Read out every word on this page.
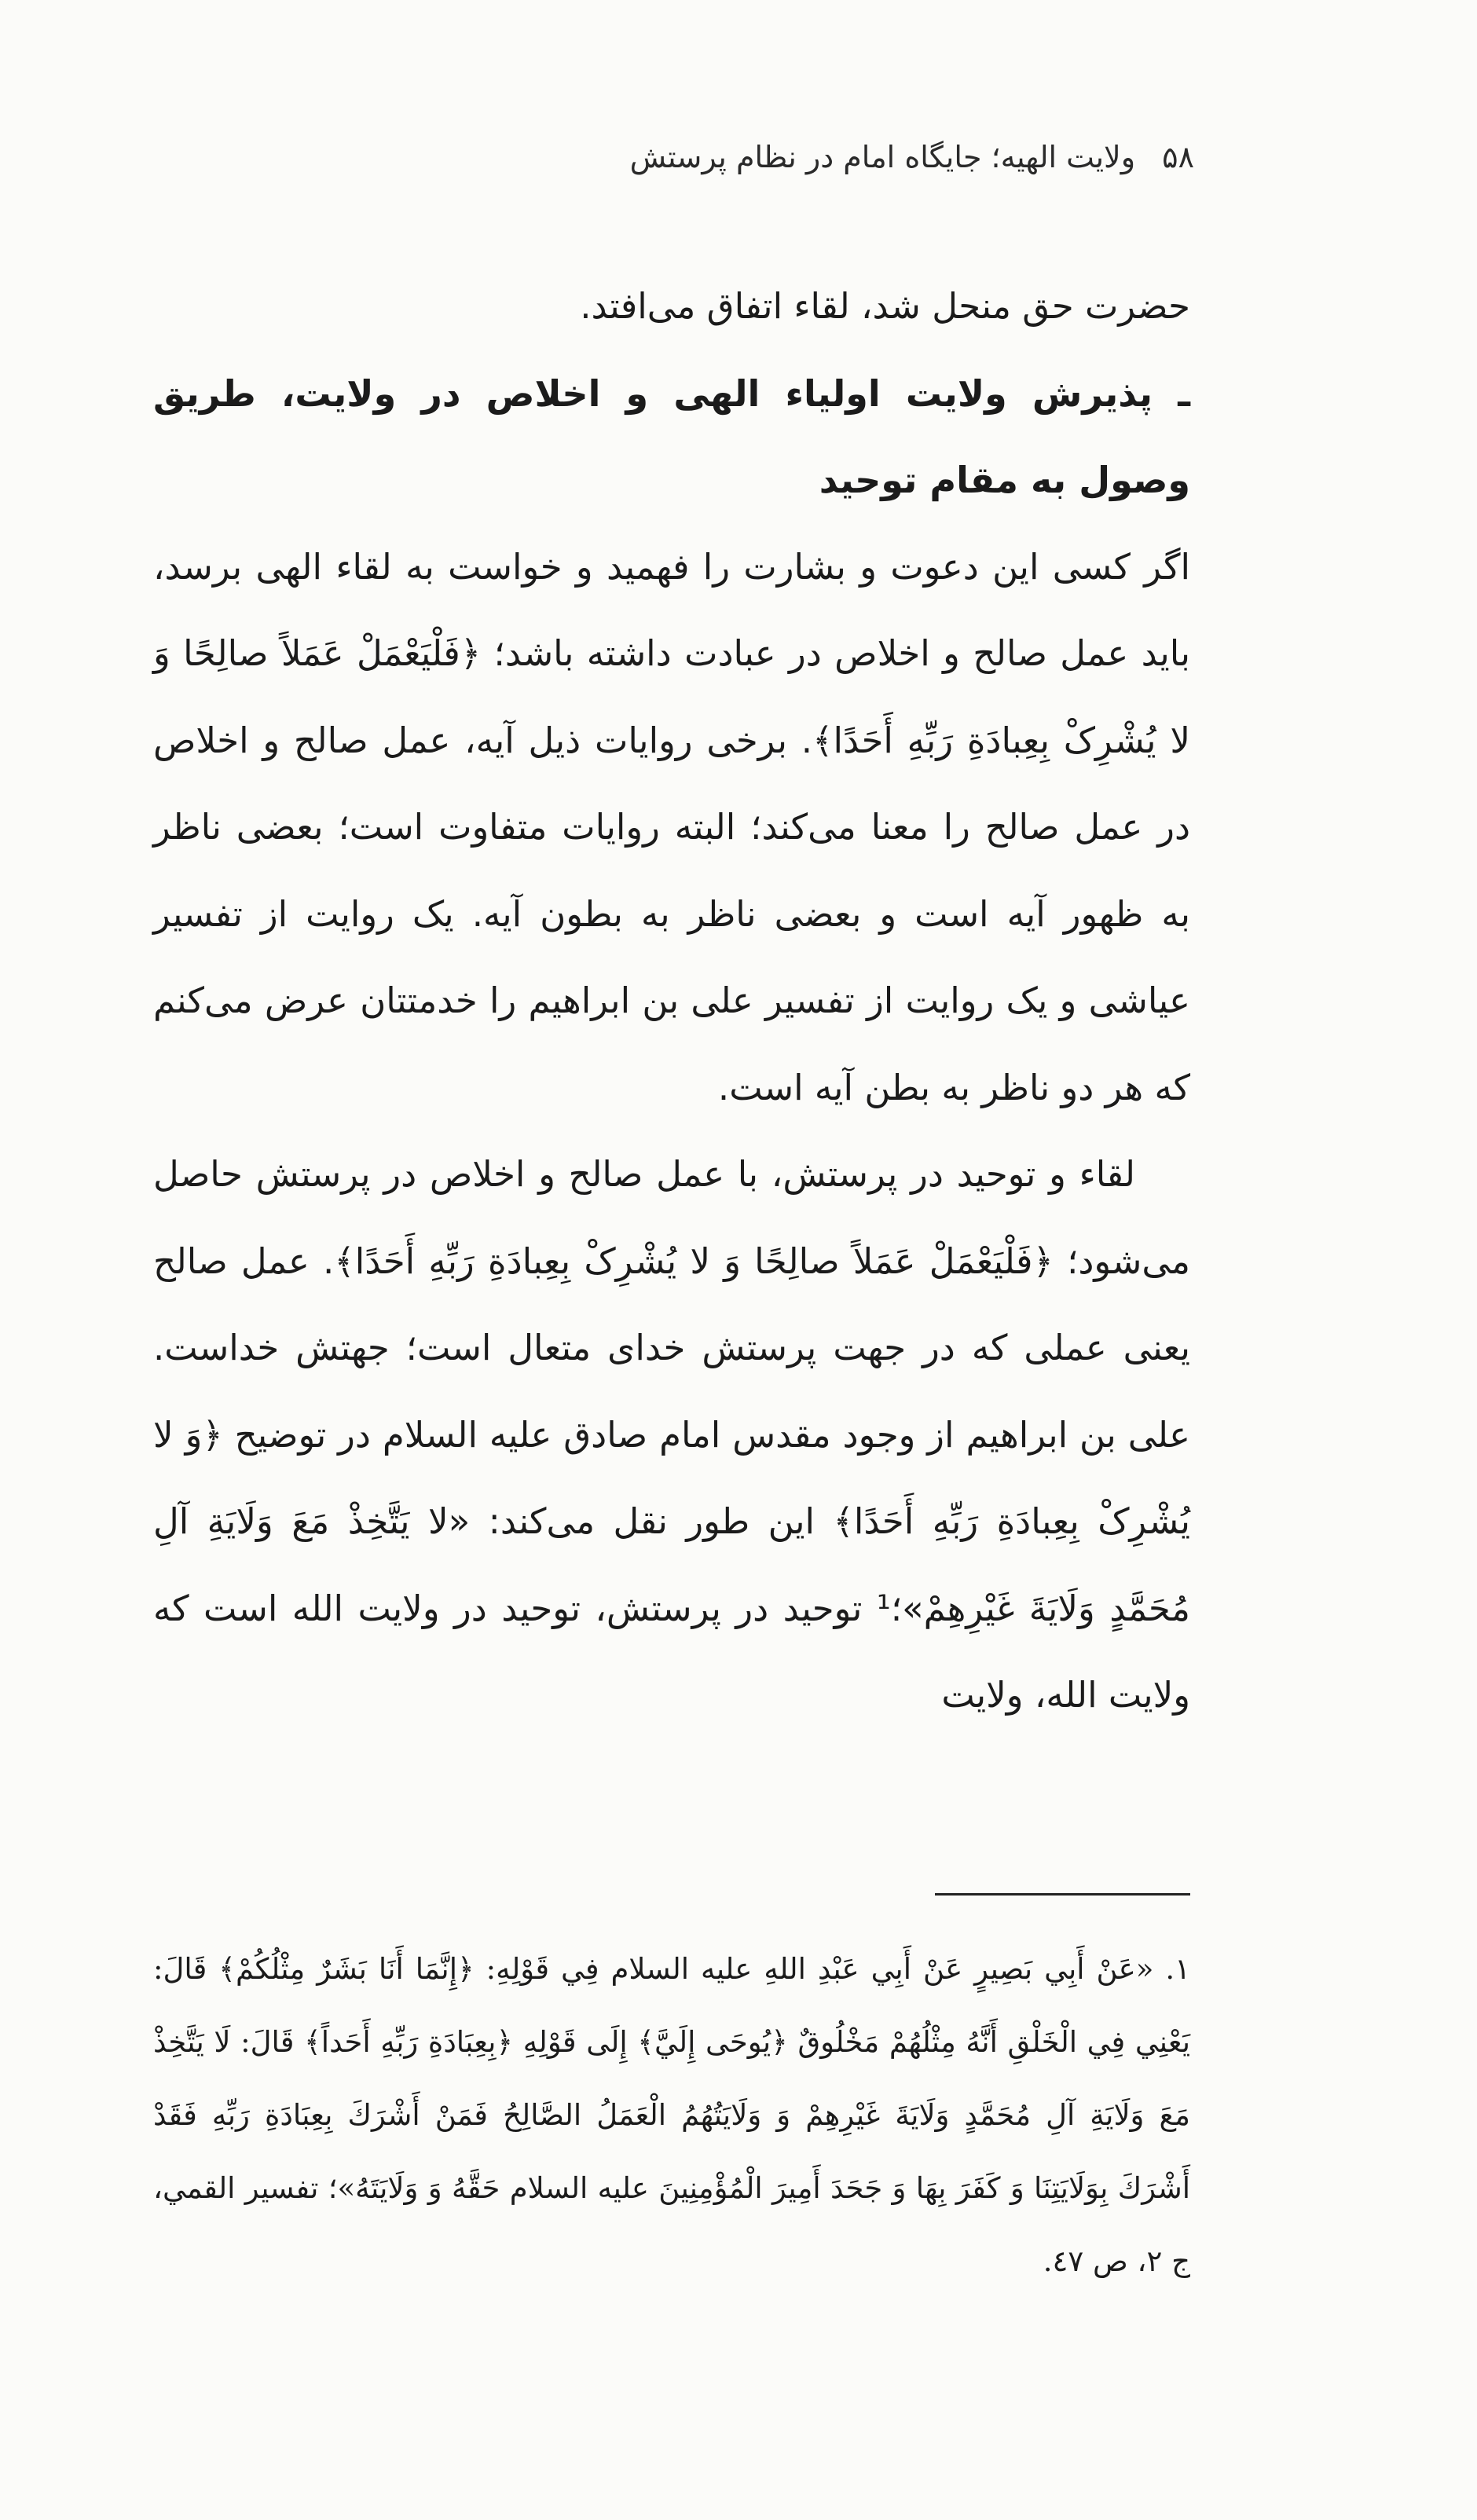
۵۸ ولایت الهیه؛ جایگاه امام در نظام پرستش

حضرت حق منحل شد، لقاء اتفاق می‌افتد.

ـ پذیرش ولایت اولیاء الهی و اخلاص در ولایت، طریق وصول به مقام توحید

اگر کسی این دعوت و بشارت را فهمید و خواست به لقاء الهی برسد، باید عمل صالح و اخلاص در عبادت داشته باشد؛ ﴿فَلْیَعْمَلْ عَمَلاً صالِحًا وَ لا یُشْرِکْ بِعِبادَةِ رَبِّهِ أَحَدًا﴾. برخی روایات ذیل آیه، عمل صالح و اخلاص در عمل صالح را معنا می‌کند؛ البته روایات متفاوت است؛ بعضی ناظر به ظهور آیه است و بعضی ناظر به بطون آیه. یک روایت از تفسیر عیاشی و یک روایت از تفسیر علی بن ابراهیم را خدمتتان عرض می‌کنم که هر دو ناظر به بطن آیه است.

لقاء و توحید در پرستش، با عمل صالح و اخلاص در پرستش حاصل می‌شود؛ ﴿فَلْیَعْمَلْ عَمَلاً صالِحًا وَ لا یُشْرِکْ بِعِبادَةِ رَبِّهِ أَحَدًا﴾. عمل صالح یعنی عملی که در جهت پرستش خدای متعال است؛ جهتش خداست. علی بن ابراهیم از وجود مقدس امام صادق عليه السلام در توضیح ﴿وَ لا یُشْرِکْ بِعِبادَةِ رَبِّهِ أَحَدًا﴾ این طور نقل می‌کند: «لا یَتَّخِذْ مَعَ وَلَایَةِ آلِ مُحَمَّدٍ وَلَایَةَ غَیْرِهِمْ»؛¹ توحید در پرستش، توحید در ولایت الله است که ولایت الله، ولایت

١. «عَنْ أَبِي بَصِيرٍ عَنْ أَبِي عَبْدِ اللهِ عليه السلام فِي قَوْلِهِ: ﴿إِنَّمَا أَنَا بَشَرٌ مِثْلُكُمْ﴾ قَالَ: يَعْنِي فِي الْخَلْقِ أَنَّهُ مِثْلُهُمْ مَخْلُوقٌ ﴿يُوحَى إِلَيَّ﴾ إِلَى قَوْلِهِ ﴿بِعِبَادَةِ رَبِّهِ أَحَداً﴾ قَالَ: لَا يَتَّخِذْ مَعَ وَلَايَةِ آلِ مُحَمَّدٍ وَلَايَةَ غَيْرِهِمْ وَ وَلَايَتُهُمُ الْعَمَلُ الصَّالِحُ فَمَنْ أَشْرَكَ بِعِبَادَةِ رَبِّهِ فَقَدْ أَشْرَكَ بِوَلَايَتِنَا وَ كَفَرَ بِهَا وَ جَحَدَ أَمِيرَ الْمُؤْمِنِينَ عليه السلام حَقَّهُ وَ وَلَايَتَهُ»؛ تفسير القمي، ج ٢، ص ٤٧.
